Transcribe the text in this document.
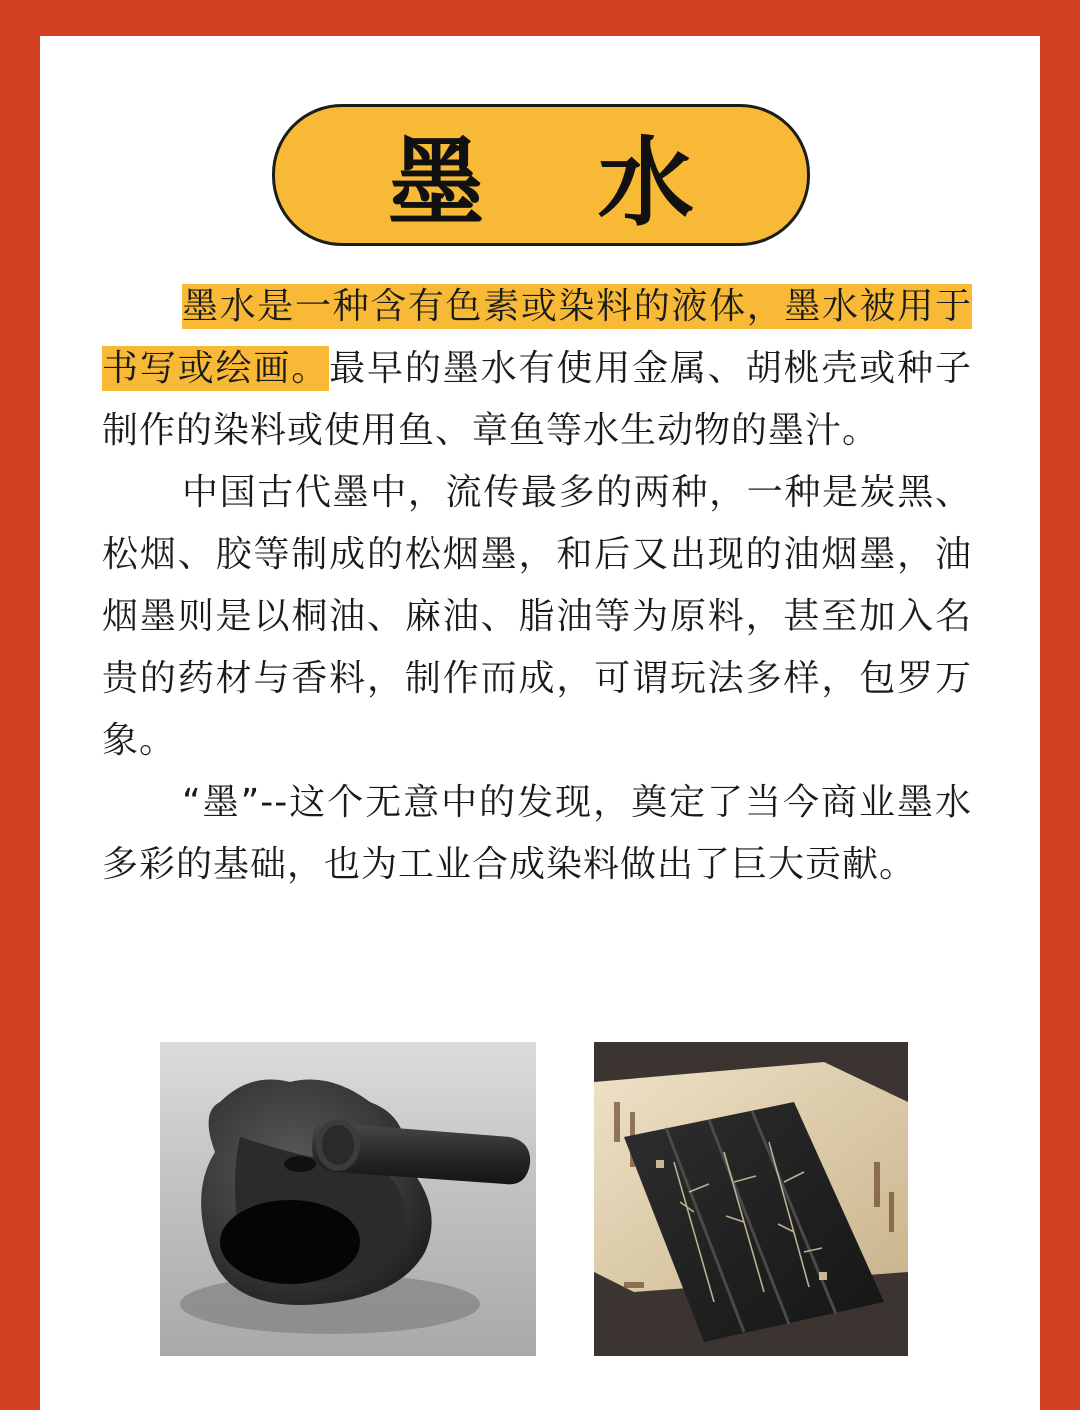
墨 水

墨水是一种含有色素或染料的液体，墨水被用于书写或绘画。最早的墨水有使用金属、胡桃壳或种子制作的染料或使用鱼、章鱼等水生动物的墨汁。

中国古代墨中，流传最多的两种，一种是炭黑、松烟、胶等制成的松烟墨，和后又出现的油烟墨，油烟墨则是以桐油、麻油、脂油等为原料，甚至加入名贵的药材与香料，制作而成，可谓玩法多样，包罗万象。

“墨”--这个无意中的发现，奠定了当今商业墨水多彩的基础，也为工业合成染料做出了巨大贡献。
